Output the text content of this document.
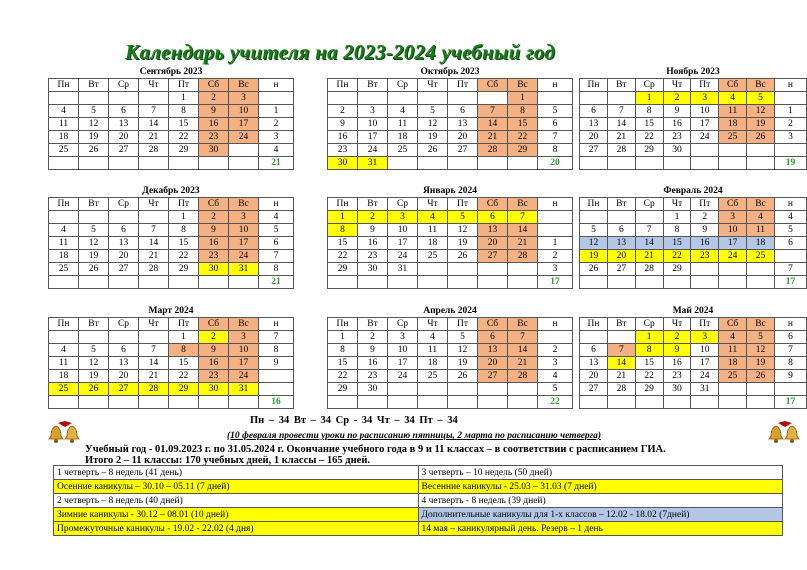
Календарь учителя на 2023-2024 учебный год
Сентябрь 2023
Пн	Вт	Ср	Чт	Пт	Сб	Вс	н
				1	2	3	
4	5	6	7	8	9	10	1
11	12	13	14	15	16	17	2
18	19	20	21	22	23	24	3
25	26	27	28	29	30		4
							21
Октябрь 2023
Пн	Вт	Ср	Чт	Пт	Сб	Вс	н
						1	
2	3	4	5	6	7	8	5
9	10	11	12	13	14	15	6
16	17	18	19	20	21	22	7
23	24	25	26	27	28	29	8
30	31						20
Ноябрь 2023
Пн	Вт	Ср	Чт	Пт	Сб	Вс	н
		1	2	3	4	5	
6	7	8	9	10	11	12	1
13	14	15	16	17	18	19	2
20	21	22	23	24	25	26	3
27	28	29	30				
							19
Декабрь 2023
Пн	Вт	Ср	Чт	Пт	Сб	Вс	н
				1	2	3	4
4	5	6	7	8	9	10	5
11	12	13	14	15	16	17	6
18	19	20	21	22	23	24	7
25	26	27	28	29	30	31	8
							21
Январь 2024
Пн	Вт	Ср	Чт	Пт	Сб	Вс	н
1	2	3	4	5	6	7	
8	9	10	11	12	13	14	
15	16	17	18	19	20	21	1
22	23	24	25	26	27	28	2
29	30	31					3
							17
Февраль 2024
Пн	Вт	Ср	Чт	Пт	Сб	Вс	н
			1	2	3	4	4
5	6	7	8	9	10	11	5
12	13	14	15	16	17	18	6
19	20	21	22	23	24	25	
26	27	28	29				7
							17
Март 2024
Пн	Вт	Ср	Чт	Пт	Сб	Вс	н
				1	2	3	7
4	5	6	7	8	9	10	8
11	12	13	14	15	16	17	9
18	19	20	21	22	23	24	
25	26	27	28	29	30	31	
							16
Апрель 2024
Пн	Вт	Ср	Чт	Пт	Сб	Вс	н
1	2	3	4	5	6	7	
8	9	10	11	12	13	14	2
15	16	17	18	19	20	21	3
22	23	24	25	26	27	28	4
29	30						5
							22
Май 2024
Пн	Вт	Ср	Чт	Пт	Сб	Вс	н
		1	2	3	4	5	6
6	7	8	9	10	11	12	7
13	14	15	16	17	18	19	8
20	21	22	23	24	25	26	9
27	28	29	30	31			
							17
Пн – 34 Вт – 34 Ср - 34 Чт – 34 Пт – 34
(10 февраля провести уроки по расписанию пятницы, 2 марта по расписанию четверга)
Учебный год - 01.09.2023 г. по 31.05.2024 г. Окончание учебного года в 9 и 11 классах – в соответствии с расписанием ГИА.
Итого 2 – 11 классы: 170 учебных дней, 1 классы – 165 дней.
1 четверть – 8 недель (41 день)	3 четверть – 10 недель (50 дней)
Осенние каникулы – 30.10 – 05.11 (7 дней)	Весенние каникулы - 25.03 – 31.03 (7 дней)
2 четверть – 8 недель (40 дней)	4 четверть - 8 недель (39 дней)
Зимние каникулы - 30.12 – 08.01 (10 дней)	Дополнительные каникулы для 1-х классов – 12.02 - 18.02 (7дней)
Промежуточные каникулы - 19.02 - 22.02 (4 дня)	14 мая – каникулярный день. Резерв – 1 день
